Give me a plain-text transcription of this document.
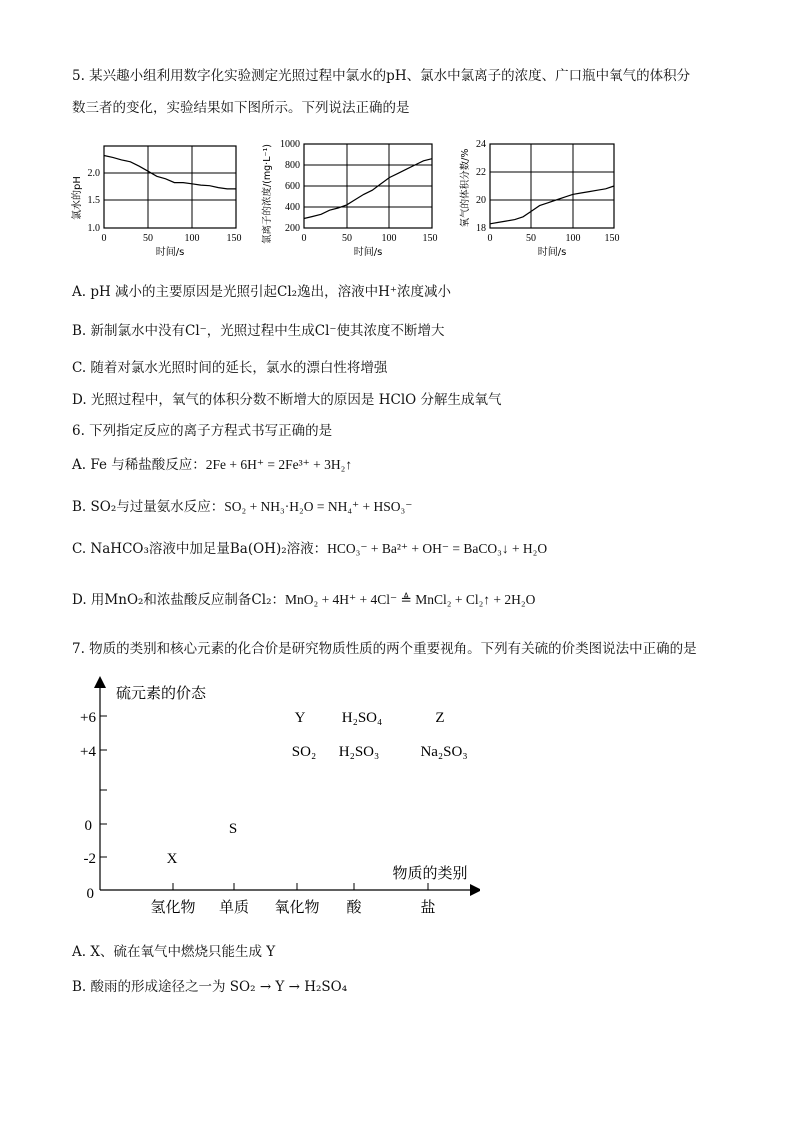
5. 某兴趣小组利用数字化实验测定光照过程中氯水的pH、氯水中氯离子的浓度、广口瓶中氧气的体积分
数三者的变化，实验结果如下图所示。下列说法正确的是
氯水的pH
2.0
1.5
1.0
0	50	100	150
时间/s
氯离子的浓度/(mg·L⁻¹) 1000
800
600
400
200
0	50	100	150
时间/s
氧气的体积分数/%
24
22
20
18
0	50	100 150
时间/s
A. pH 减小的主要原因是光照引起Cl₂逸出，溶液中H⁺浓度减小
B. 新制氯水中没有Cl⁻，光照过程中生成Cl⁻使其浓度不断增大
C. 随着对氯水光照时间的延长，氯水的漂白性将增强
D. 光照过程中，氧气的体积分数不断增大的原因是 HClO 分解生成氧气
6. 下列指定反应的离子方程式书写正确的是
A. Fe 与稀盐酸反应：2Fe + 6H⁺ = 2Fe³⁺ + 3H₂↑
B. SO₂与过量氨水反应：SO₂ + NH₃·H₂O = NH₄⁺ + HSO₃⁻
C. NaHCO₃溶液中加足量Ba(OH)₂溶液：HCO₃⁻ + Ba²⁺ + OH⁻ = BaCO₃↓ + H₂O
D. 用MnO₂和浓盐酸反应制备Cl₂：MnO₂ + 4H⁺ + 4Cl⁻ ≜ MnCl₂ + Cl₂↑ + 2H₂O
7. 物质的类别和核心元素的化合价是研究物质性质的两个重要视角。下列有关硫的价类图说法中正确的是
硫元素的价态
物质的类别
+6
+4
0
-2
0
氢化物 单质 氧化物 酸	盐
Y H₂SO₄	Z
SO₂ H₂SO₃	Na₂SO₃
S
X
A. X、硫在氧气中燃烧只能生成 Y
B. 酸雨的形成途径之一为 SO₂ → Y → H₂SO₄
